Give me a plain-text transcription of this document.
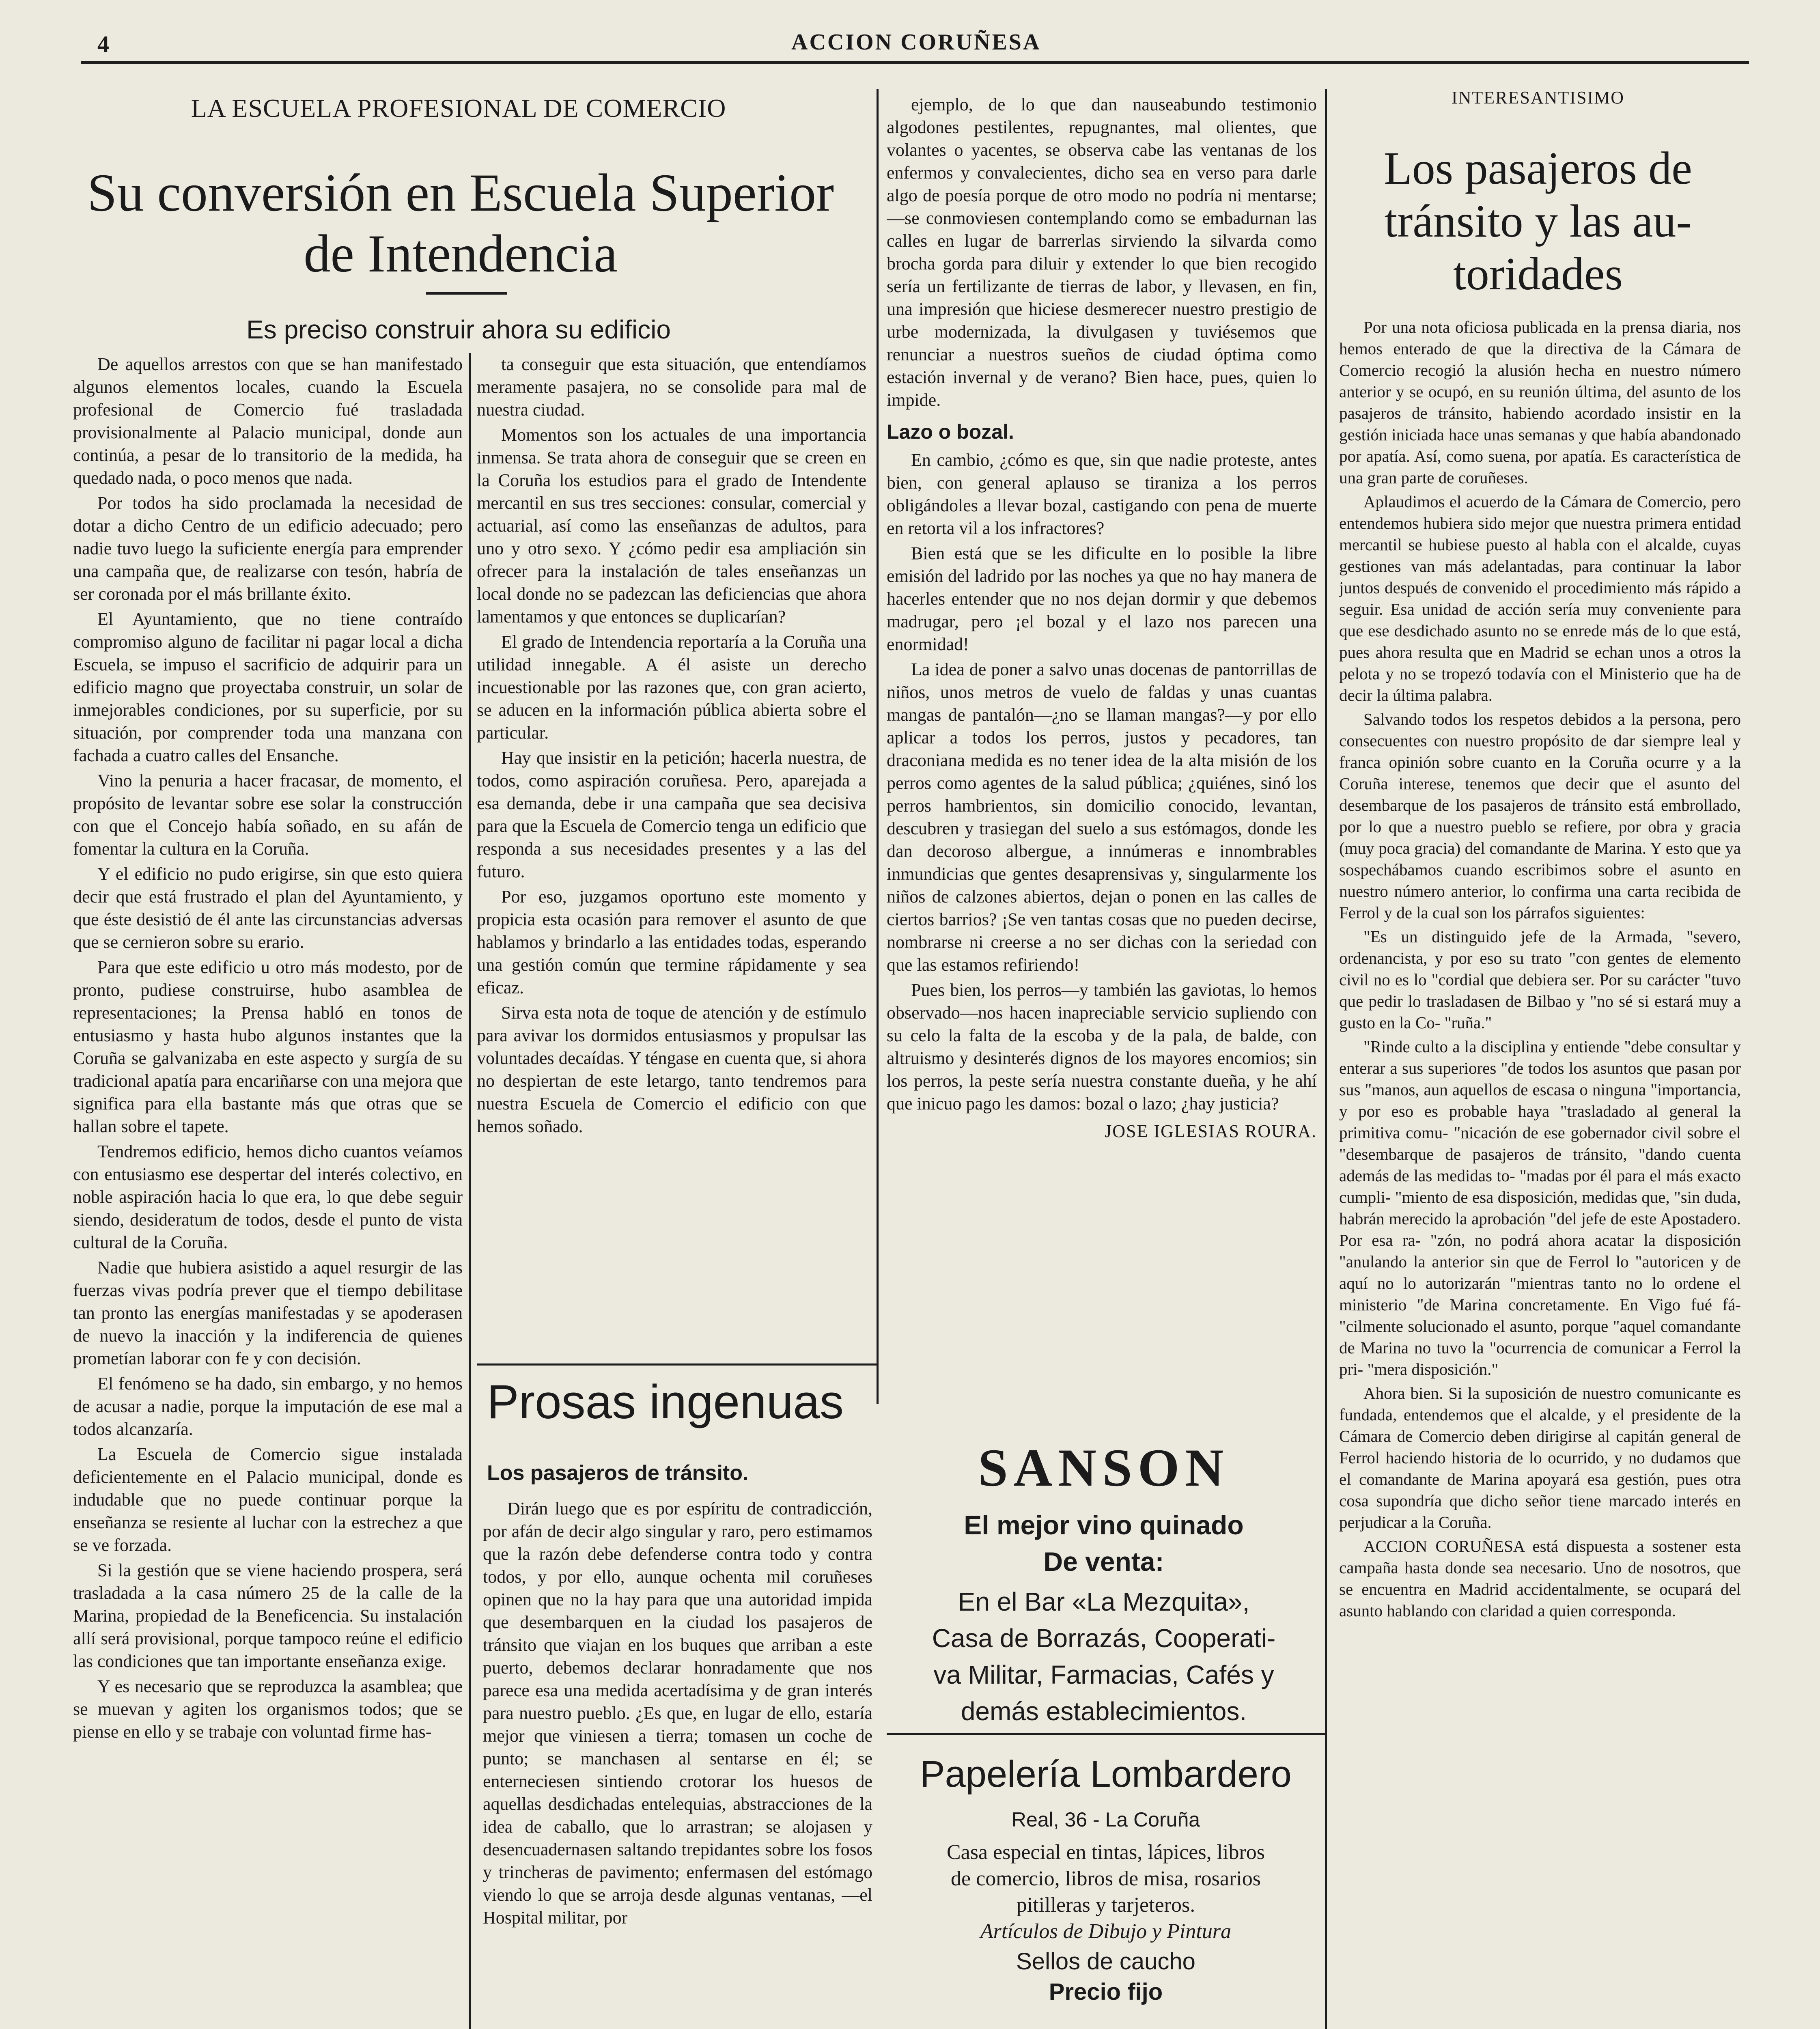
4	ACCION CORUÑESA
LA ESCUELA PROFESIONAL DE COMERCIO
Su conversión en Escuela Superior
de Intendencia
Es preciso construir ahora su edificio

De aquellos arrestos con que se han manifestado algunos elementos locales, cuando la Escuela profesional de Comercio fué trasladada provisionalmente al Palacio municipal, donde aun continúa, a pesar de lo transitorio de la medida, ha quedado nada, o poco menos que nada.

Por todos ha sido proclamada la necesidad de dotar a dicho Centro de un edificio adecuado; pero nadie tuvo luego la suficiente energía para emprender una campaña que, de realizarse con tesón, habría de ser coronada por el más brillante éxito.

El Ayuntamiento, que no tiene contraído compromiso alguno de facilitar ni pagar local a dicha Escuela, se impuso el sacrificio de adquirir para un edificio magno que proyectaba construir, un solar de inmejorables condiciones, por su superficie, por su situación, por comprender toda una manzana con fachada a cuatro calles del Ensanche.

Vino la penuria a hacer fracasar, de momento, el propósito de levantar sobre ese solar la construcción con que el Concejo había soñado, en su afán de fomentar la cultura en la Coruña.

Y el edificio no pudo erigirse, sin que esto quiera decir que está frustrado el plan del Ayuntamiento, y que éste desistió de él ante las circunstancias adversas que se cernieron sobre su erario.

Para que este edificio u otro más modesto, por de pronto, pudiese construirse, hubo asamblea de representaciones; la Prensa habló en tonos de entusiasmo y hasta hubo algunos instantes que la Coruña se galvanizaba en este aspecto y surgía de su tradicional apatía para encariñarse con una mejora que significa para ella bastante más que otras que se hallan sobre el tapete.

Tendremos edificio, hemos dicho cuantos veíamos con entusiasmo ese despertar del interés colectivo, en noble aspiración hacia lo que era, lo que debe seguir siendo, desideratum de todos, desde el punto de vista cultural de la Coruña.

Nadie que hubiera asistido a aquel resurgir de las fuerzas vivas podría prever que el tiempo debilitase tan pronto las energías manifestadas y se apoderasen de nuevo la inacción y la indiferencia de quienes prometían laborar con fe y con decisión.

El fenómeno se ha dado, sin embargo, y no hemos de acusar a nadie, porque la imputación de ese mal a todos alcanzaría.

La Escuela de Comercio sigue instalada deficientemente en el Palacio municipal, donde es indudable que no puede continuar porque la enseñanza se resiente al luchar con la estrechez a que se ve forzada.

Si la gestión que se viene haciendo prospera, será trasladada a la casa número 25 de la calle de la Marina, propiedad de la Beneficencia. Su instalación allí será provisional, porque tampoco reúne el edificio las condiciones que tan importante enseñanza exige.

Y es necesario que se reproduzca la asamblea; que se muevan y agiten los organismos todos; que se piense en ello y se trabaje con voluntad firme has-

ta conseguir que esta situación, que entendíamos meramente pasajera, no se consolide para mal de nuestra ciudad.

Momentos son los actuales de una importancia inmensa. Se trata ahora de conseguir que se creen en la Coruña los estudios para el grado de Intendente mercantil en sus tres secciones: consular, comercial y actuarial, así como las enseñanzas de adultos, para uno y otro sexo. Y ¿cómo pedir esa ampliación sin ofrecer para la instalación de tales enseñanzas un local donde no se padezcan las deficiencias que ahora lamentamos y que entonces se duplicarían?

El grado de Intendencia reportaría a la Coruña una utilidad innegable. A él asiste un derecho incuestionable por las razones que, con gran acierto, se aducen en la información pública abierta sobre el particular.

Hay que insistir en la petición; hacerla nuestra, de todos, como aspiración coruñesa. Pero, aparejada a esa demanda, debe ir una campaña que sea decisiva para que la Escuela de Comercio tenga un edificio que responda a sus necesidades presentes y a las del futuro.

Por eso, juzgamos oportuno este momento y propicia esta ocasión para remover el asunto de que hablamos y brindarlo a las entidades todas, esperando una gestión común que termine rápidamente y sea eficaz.

Sirva esta nota de toque de atención y de estímulo para avivar los dormidos entusiasmos y propulsar las voluntades decaídas. Y téngase en cuenta que, si ahora no despiertan de este letargo, tanto tendremos para nuestra Escuela de Comercio el edificio con que hemos soñado.

Prosas ingenuas
Los pasajeros de tránsito.

Dirán luego que es por espíritu de contradicción, por afán de decir algo singular y raro, pero estimamos que la razón debe defenderse contra todo y contra todos, y por ello, aunque ochenta mil coruñeses opinen que no la hay para que una autoridad impida que desembarquen en la ciudad los pasajeros de tránsito que viajan en los buques que arriban a este puerto, debemos declarar honradamente que nos parece esa una medida acertadísima y de gran interés para nuestro pueblo. ¿Es que, en lugar de ello, estaría mejor que viniesen a tierra; tomasen un coche de punto; se manchasen al sentarse en él; se enterneciesen sintiendo crotorar los huesos de aquellas desdichadas entelequias, abstracciones de la idea de caballo, que lo arrastran; se alojasen y desencuadernasen saltando trepidantes sobre los fosos y trincheras de pavimento; enfermasen del estómago viendo lo que se arroja desde algunas ventanas, —el Hospital militar, por

ejemplo, de lo que dan nauseabundo testimonio algodones pestilentes, repugnantes, mal olientes, que volantes o yacentes, se observa cabe las ventanas de los enfermos y convalecientes, dicho sea en verso para darle algo de poesía porque de otro modo no podría ni mentarse; —se conmoviesen contemplando como se embadurnan las calles en lugar de barrerlas sirviendo la silvarda como brocha gorda para diluir y extender lo que bien recogido sería un fertilizante de tierras de labor, y llevasen, en fin, una impresión que hiciese desmerecer nuestro prestigio de urbe modernizada, la divulgasen y tuviésemos que renunciar a nuestros sueños de ciudad óptima como estación invernal y de verano? Bien hace, pues, quien lo impide.

Lazo o bozal.

En cambio, ¿cómo es que, sin que nadie proteste, antes bien, con general aplauso se tiraniza a los perros obligándoles a llevar bozal, castigando con pena de muerte en retorta vil a los infractores?

Bien está que se les dificulte en lo posible la libre emisión del ladrido por las noches ya que no hay manera de hacerles entender que no nos dejan dormir y que debemos madrugar, pero ¡el bozal y el lazo nos parecen una enormidad!

La idea de poner a salvo unas docenas de pantorrillas de niños, unos metros de vuelo de faldas y unas cuantas mangas de pantalón—¿no se llaman mangas?—y por ello aplicar a todos los perros, justos y pecadores, tan draconiana medida es no tener idea de la alta misión de los perros como agentes de la salud pública; ¿quiénes, sinó los perros hambrientos, sin domicilio conocido, levantan, descubren y trasiegan del suelo a sus estómagos, donde les dan decoroso albergue, a innúmeras e innombrables inmundicias que gentes desaprensivas y, singularmente los niños de calzones abiertos, dejan o ponen en las calles de ciertos barrios? ¡Se ven tantas cosas que no pueden decirse, nombrarse ni creerse a no ser dichas con la seriedad con que las estamos refiriendo!

Pues bien, los perros—y también las gaviotas, lo hemos observado—nos hacen inapreciable servicio supliendo con su celo la falta de la escoba y de la pala, de balde, con altruismo y desinterés dignos de los mayores encomios; sin los perros, la peste sería nuestra constante dueña, y he ahí que inicuo pago les damos: bozal o lazo; ¿hay justicia?

JOSE IGLESIAS ROURA.

SANSON
El mejor vino quinado
De venta:
En el Bar «La Mezquita»,
Casa de Borrazás, Cooperati-
va Militar, Farmacias, Cafés y
demás establecimientos.
Papelería Lombardero
Real, 36 - La Coruña
Casa especial en tintas, lápices, libros
de comercio, libros de misa, rosarios
pitilleras y tarjeteros.
Artículos de Dibujo y Pintura
Sellos de caucho
Precio fijo
INTERESANTISIMO
Los pasajeros de
tránsito y las au-
toridades

Por una nota oficiosa publicada en la prensa diaria, nos hemos enterado de que la directiva de la Cámara de Comercio recogió la alusión hecha en nuestro número anterior y se ocupó, en su reunión última, del asunto de los pasajeros de tránsito, habiendo acordado insistir en la gestión iniciada hace unas semanas y que había abandonado por apatía. Así, como suena, por apatía. Es característica de una gran parte de coruñeses.

Aplaudimos el acuerdo de la Cámara de Comercio, pero entendemos hubiera sido mejor que nuestra primera entidad mercantil se hubiese puesto al habla con el alcalde, cuyas gestiones van más adelantadas, para continuar la labor juntos después de convenido el procedimiento más rápido a seguir. Esa unidad de acción sería muy conveniente para que ese desdichado asunto no se enrede más de lo que está, pues ahora resulta que en Madrid se echan unos a otros la pelota y no se tropezó todavía con el Ministerio que ha de decir la última palabra.

Salvando todos los respetos debidos a la persona, pero consecuentes con nuestro propósito de dar siempre leal y franca opinión sobre cuanto en la Coruña ocurre y a la Coruña interese, tenemos que decir que el asunto del desembarque de los pasajeros de tránsito está embrollado, por lo que a nuestro pueblo se refiere, por obra y gracia (muy poca gracia) del comandante de Marina. Y esto que ya sospechábamos cuando escribimos sobre el asunto en nuestro número anterior, lo confirma una carta recibida de Ferrol y de la cual son los párrafos siguientes:

"Es un distinguido jefe de la Armada, "severo, ordenancista, y por eso su trato "con gentes de elemento civil no es lo "cordial que debiera ser. Por su carácter "tuvo que pedir lo trasladasen de Bilbao y "no sé si estará muy a gusto en la Co- "ruña."

"Rinde culto a la disciplina y entiende "debe consultar y enterar a sus superiores "de todos los asuntos que pasan por sus "manos, aun aquellos de escasa o ninguna "importancia, y por eso es probable haya "trasladado al general la primitiva comu- "nicación de ese gobernador civil sobre el "desembarque de pasajeros de tránsito, "dando cuenta además de las medidas to- "madas por él para el más exacto cumpli- "miento de esa disposición, medidas que, "sin duda, habrán merecido la aprobación "del jefe de este Apostadero. Por esa ra- "zón, no podrá ahora acatar la disposición "anulando la anterior sin que de Ferrol lo "autoricen y de aquí no lo autorizarán "mientras tanto no lo ordene el ministerio "de Marina concretamente. En Vigo fué fá- "cilmente solucionado el asunto, porque "aquel comandante de Marina no tuvo la "ocurrencia de comunicar a Ferrol la pri- "mera disposición."

Ahora bien. Si la suposición de nuestro comunicante es fundada, entendemos que el alcalde, y el presidente de la Cámara de Comercio deben dirigirse al capitán general de Ferrol haciendo historia de lo ocurrido, y no dudamos que el comandante de Marina apoyará esa gestión, pues otra cosa supondría que dicho señor tiene marcado interés en perjudicar a la Coruña.

ACCION CORUÑESA está dispuesta a sostener esta campaña hasta donde sea necesario. Uno de nosotros, que se encuentra en Madrid accidentalmente, se ocupará del asunto hablando con claridad a quien corresponda.
